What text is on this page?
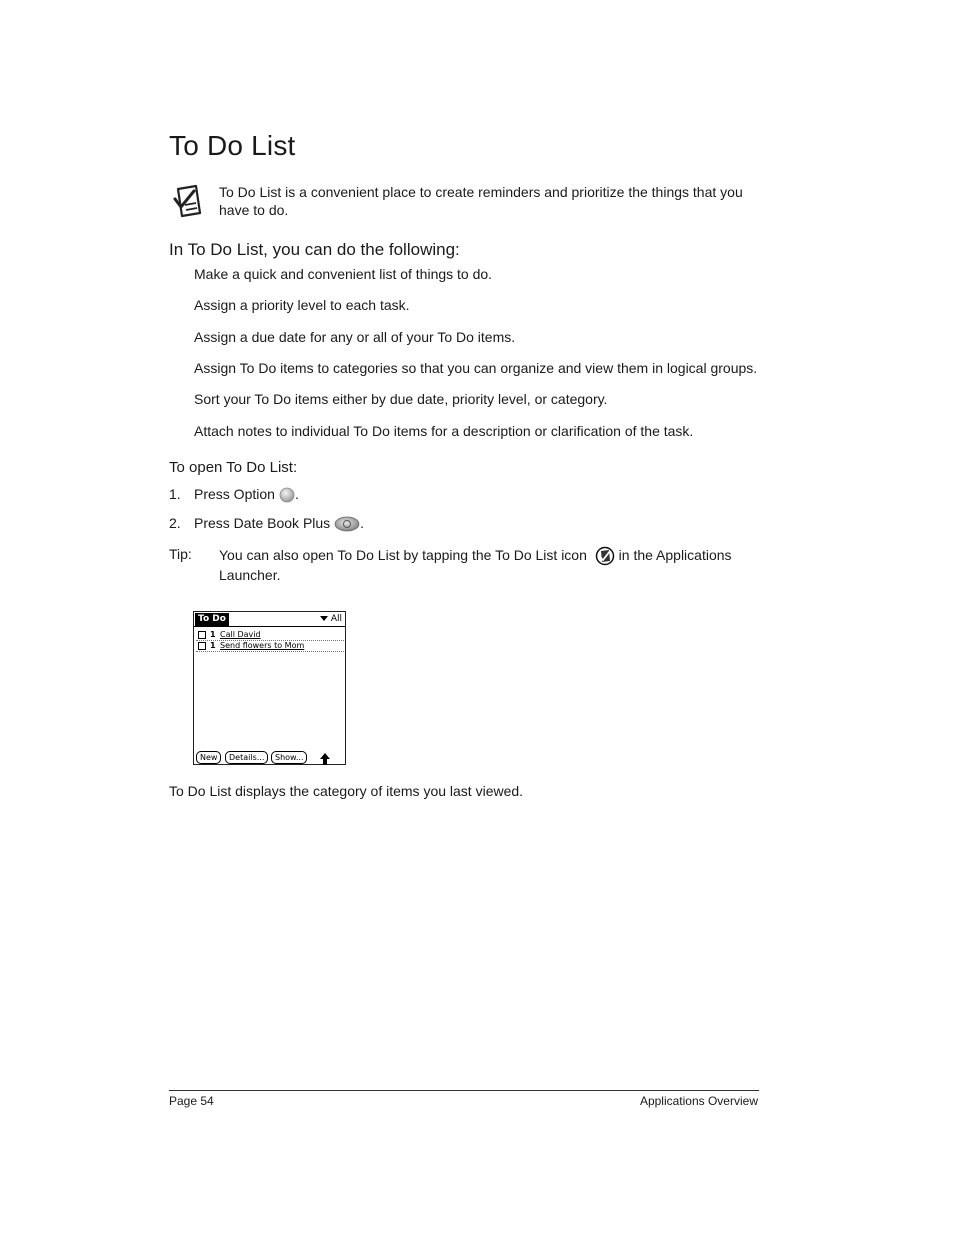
To Do List
To Do List is a convenient place to create reminders and prioritize the things that you have to do.
In To Do List, you can do the following:
Make a quick and convenient list of things to do.
Assign a priority level to each task.
Assign a due date for any or all of your To Do items.
Assign To Do items to categories so that you can organize and view them in logical groups.
Sort your To Do items either by due date, priority level, or category.
Attach notes to individual To Do items for a description or clarification of the task.
To open To Do List:
1. Press Option .
2. Press Date Book Plus .
Tip: You can also open To Do List by tapping the To Do List icon in the Applications Launcher.
To Do	All
1 Call David
1 Send flowers to Mom
New	Details...	Show...
To Do List displays the category of items you last viewed.
Page 54	Applications Overview
